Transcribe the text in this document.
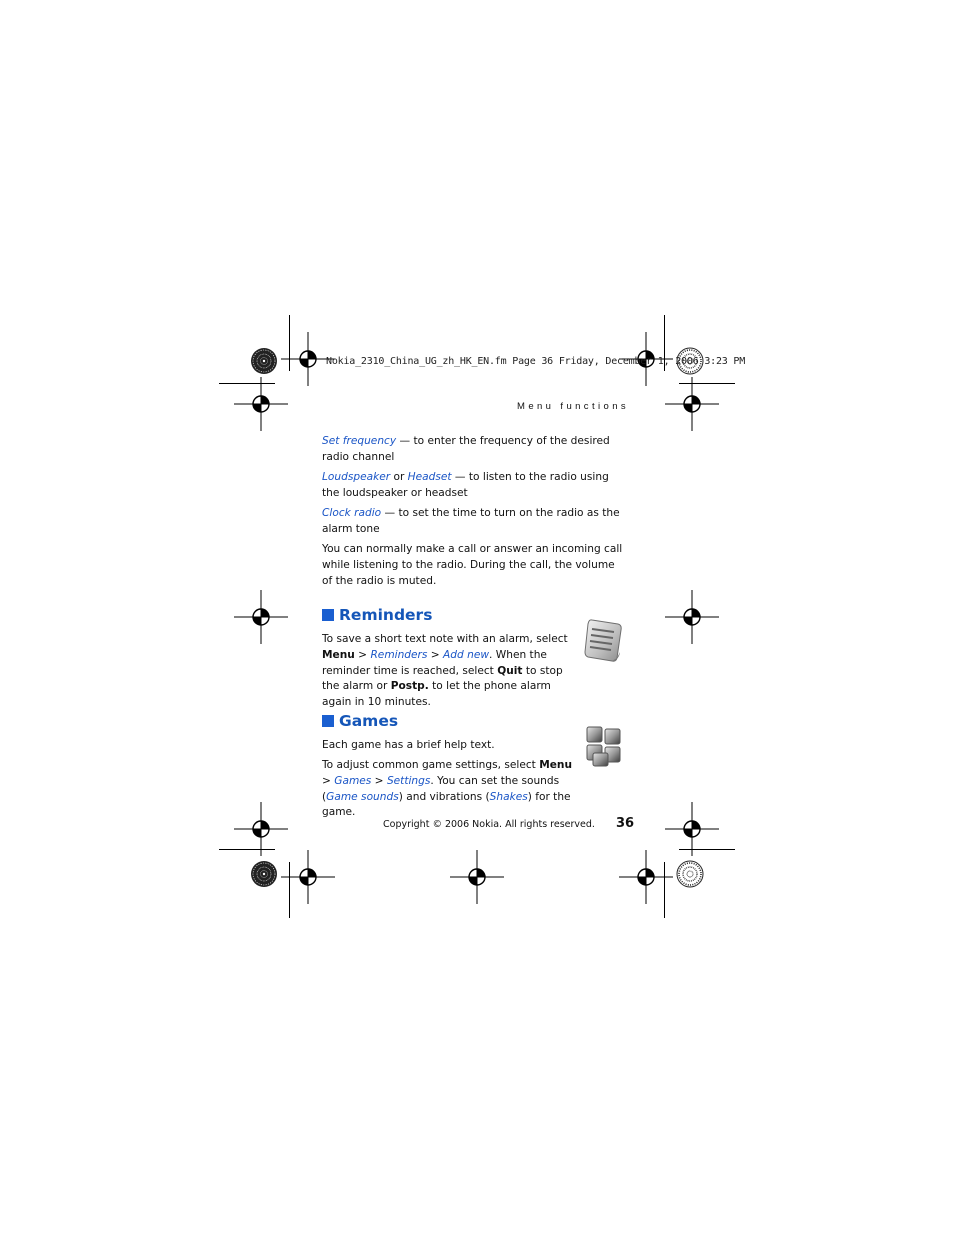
Nokia_2310_China_UG_zh_HK_EN.fm Page 36 Friday, December 1, 2006 3:23 PM
Menu functions

Set frequency — to enter the frequency of the desired radio channel

Loudspeaker or Headset — to listen to the radio using the loudspeaker or headset

Clock radio — to set the time to turn on the radio as the alarm tone

You can normally make a call or answer an incoming call while listening to the radio. During the call, the volume of the radio is muted.

Reminders

To save a short text note with an alarm, select Menu > Reminders > Add new. When the reminder time is reached, select Quit to stop the alarm or Postp. to let the phone alarm again in 10 minutes.

Games

Each game has a brief help text.

To adjust common game settings, select Menu > Games > Settings. You can set the sounds (Game sounds) and vibrations (Shakes) for the game.

Copyright © 2006 Nokia. All rights reserved. 36
